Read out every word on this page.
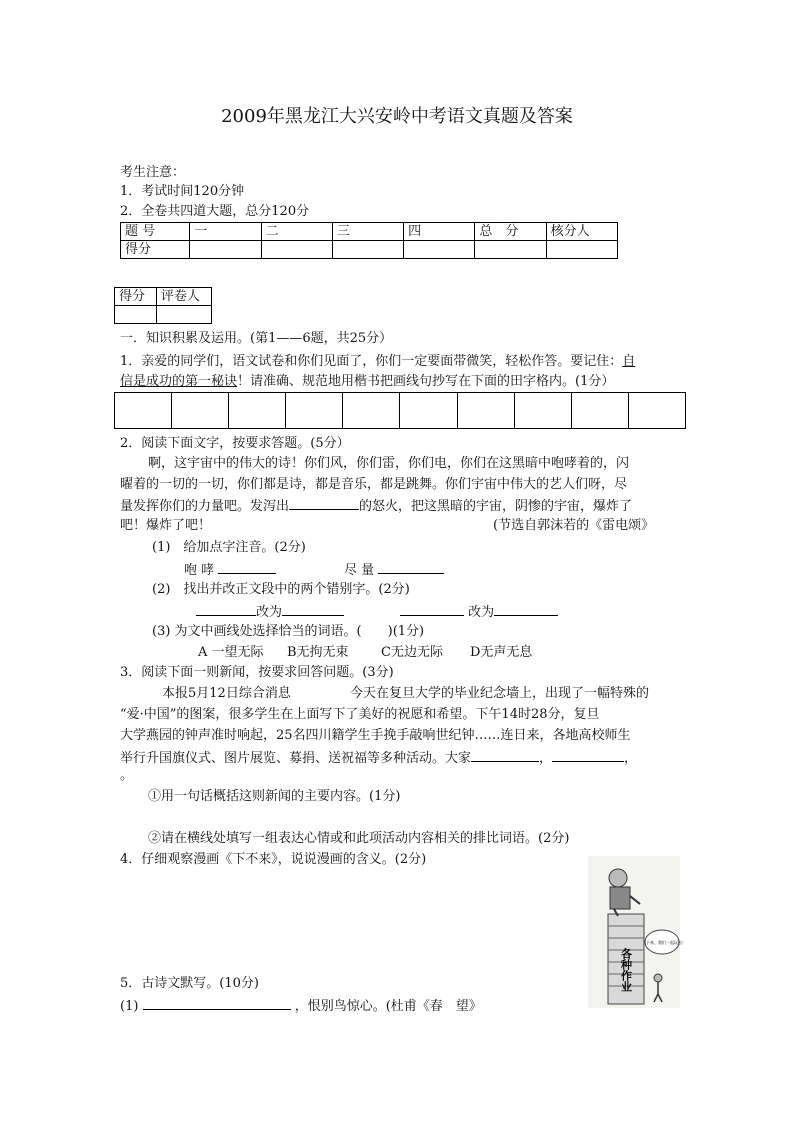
2009年黑龙江大兴安岭中考语文真题及答案
考生注意：
1．考试时间120分钟
2．全卷共四道大题，总分120分
题 号	一	二	三	四	总　分	核分人
得分						
得分	评卷人

一．知识积累及运用。(第1——6题，共25分）
1．亲爱的同学们，语文试卷和你们见面了，你们一定要面带微笑，轻松作答。要记住：自
信是成功的第一秘诀！请准确、规范地用楷书把画线句抄写在下面的田字格内。(1分）

2．阅读下面文字，按要求答题。(5分）
啊，这宇宙中的伟大的诗！你们风，你们雷，你们电，你们在这黑暗中咆哮着的，闪
曜着的一切的一切，你们都是诗，都是音乐，都是跳舞。你们宇宙中伟大的艺人们呀，尽
量发挥你们的力量吧。发泻出	的怒火，把这黑暗的宇宙，阴惨的宇宙，爆炸了
吧！爆炸了吧！	(节选自郭沫若的《雷电颂》
(1)　给加点字注音。(2分)
咆 哮	尽 量
(2)　找出并改正文段中的两个错别字。(2分)
改为	改为
(3) 为文中画线处选择恰当的词语。(　　)(1分)
A 一望无际 B无拘无束 C无边无际 D无声无息
3．阅读下面一则新闻，按要求回答问题。(3分)
本报5月12日综合消息	今天在复旦大学的毕业纪念墙上，出现了一幅特殊的
“爱·中国”的图案，很多学生在上面写下了美好的祝愿和希望。下午14时28分，复旦
大学燕园的钟声准时响起，25名四川籍学生手挽手敲响世纪钟……连日来，各地高校师生
举行升国旗仪式、图片展览、募捐、送祝福等多种活动。大家	，	，
。
①用一句话概括这则新闻的主要内容。(1分)
②请在横线处填写一组表达心情或和此项活动内容相关的排比词语。(2分)
4．仔细观察漫画《下不来》，说说漫画的含义。(2分)
各种作业
下来，我们一起玩去！
5．古诗文默写。(10分)
(1)	，恨别鸟惊心。(杜甫《春　望》
